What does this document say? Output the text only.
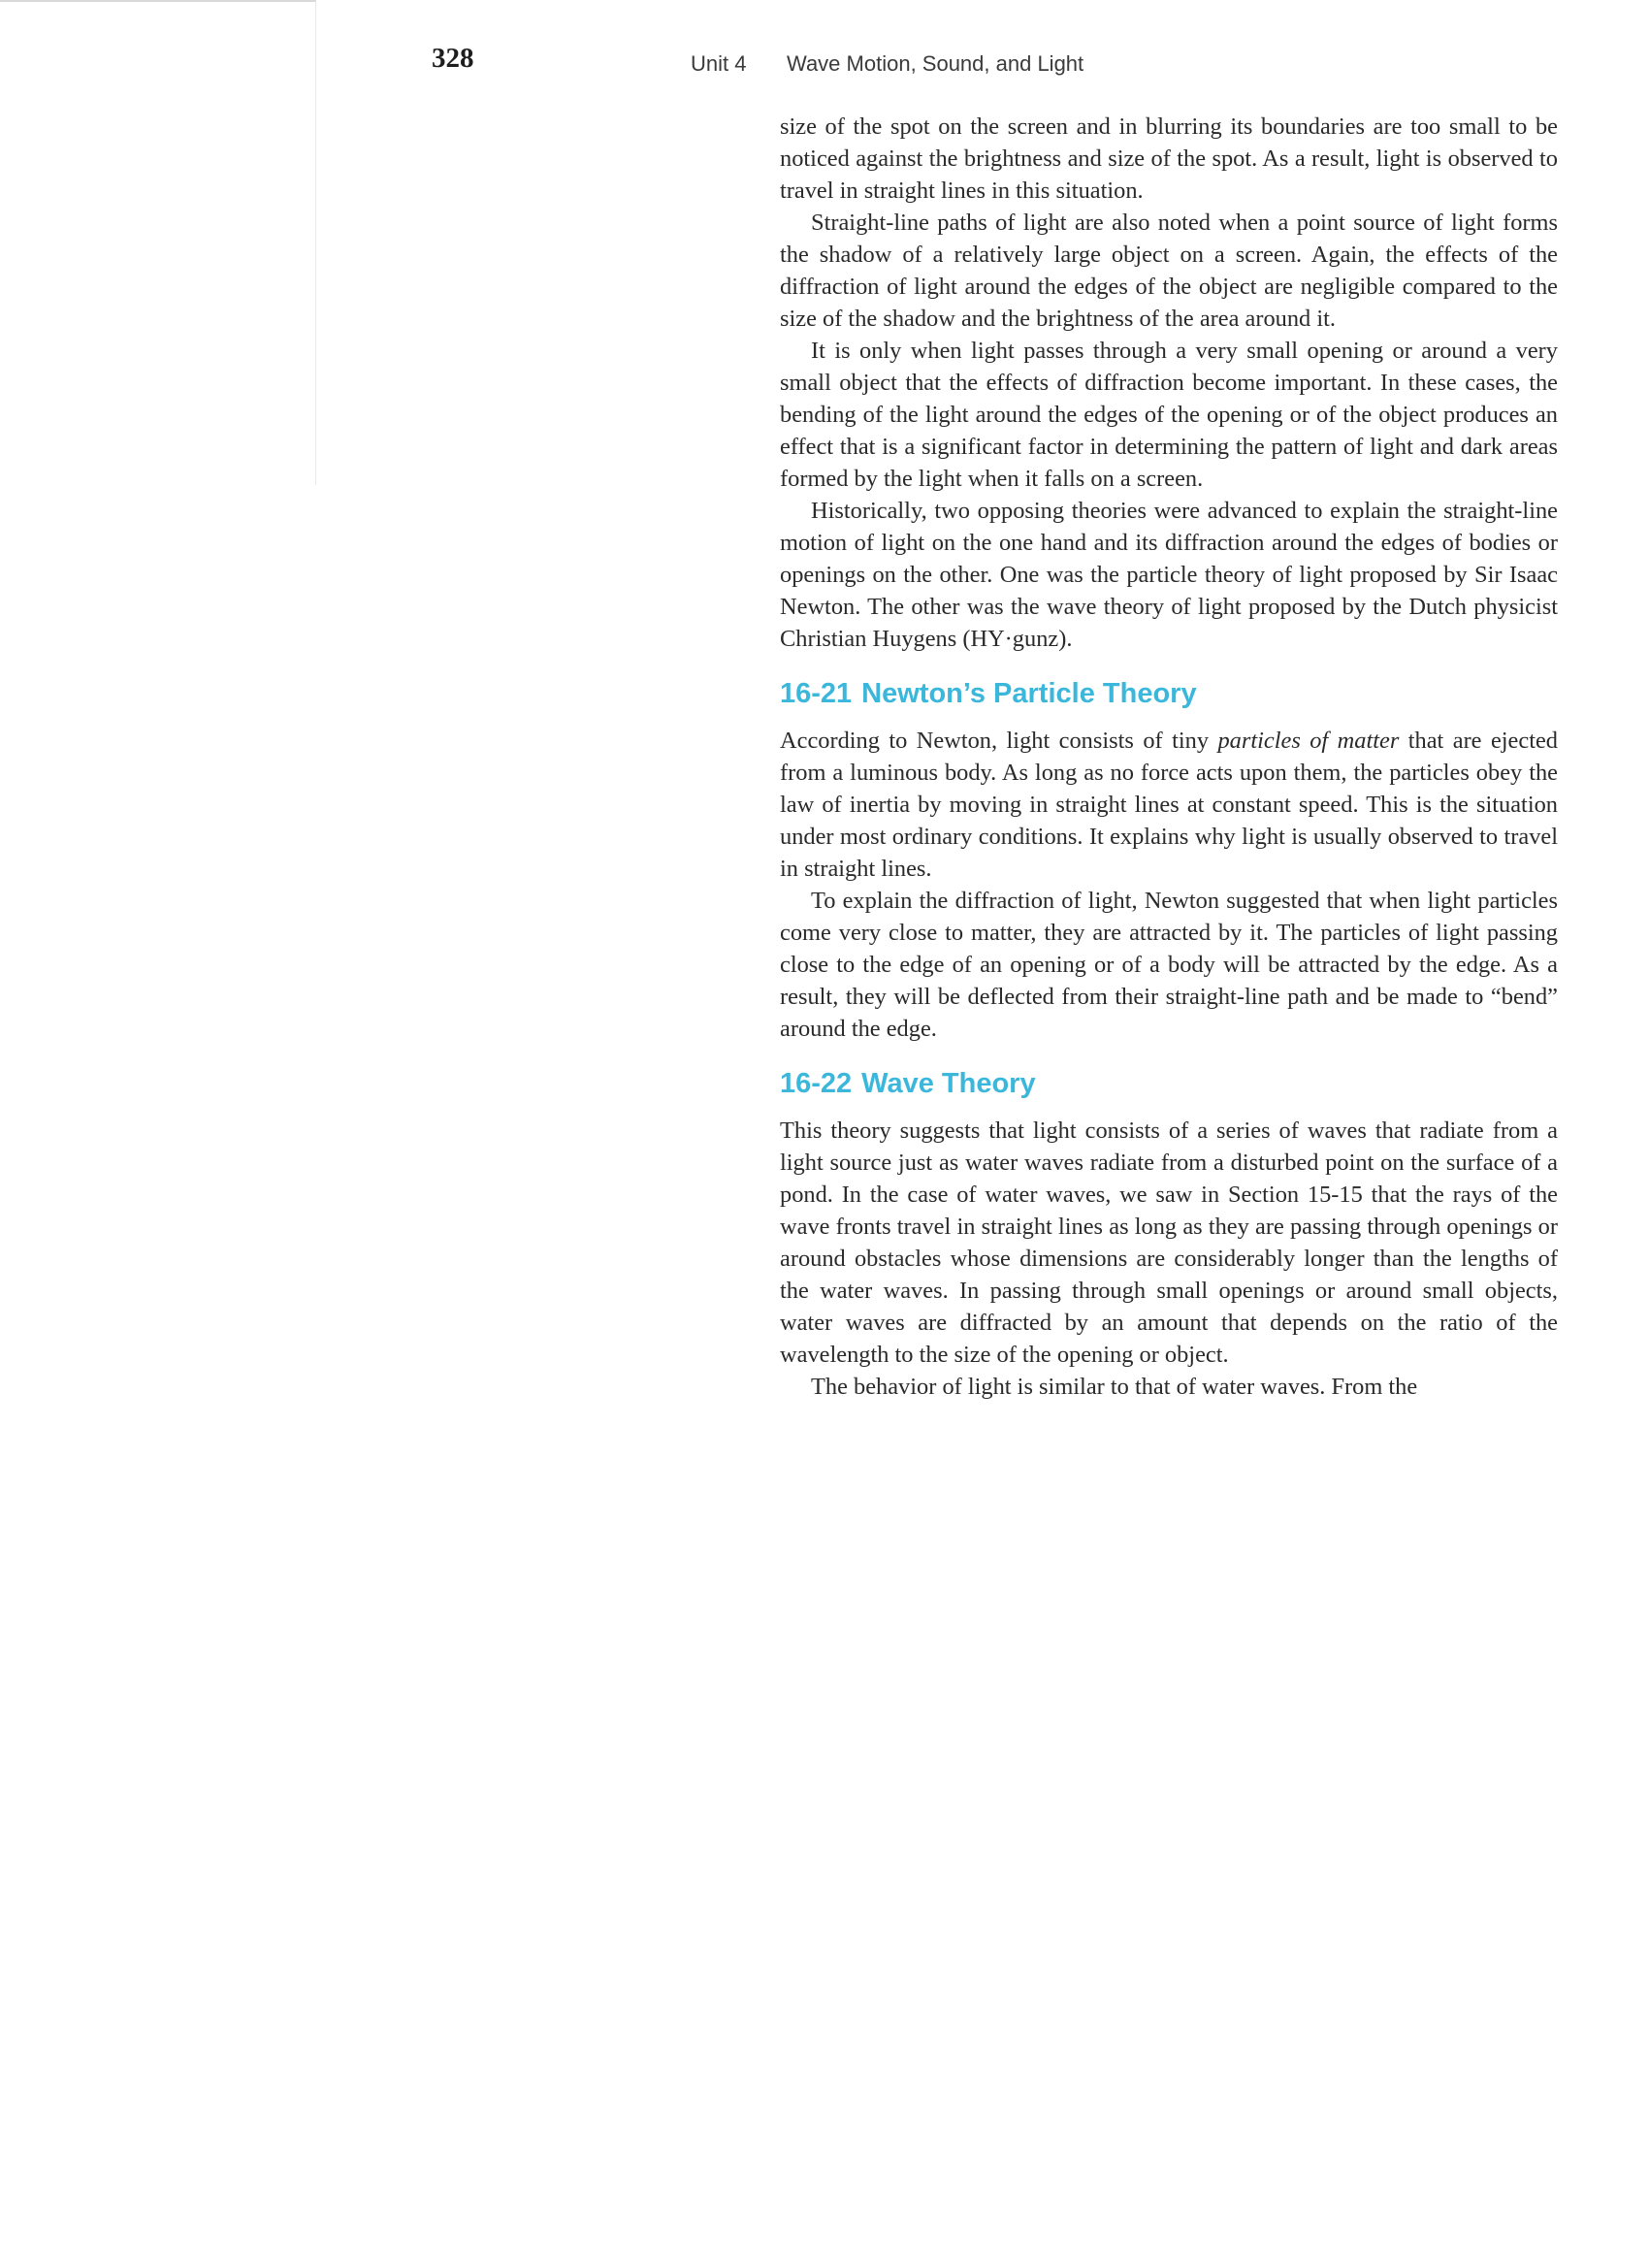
328	Unit 4 Wave Motion, Sound, and Light

size of the spot on the screen and in blurring its boundaries are too small to be noticed against the brightness and size of the spot. As a result, light is observed to travel in straight lines in this situation.

Straight-line paths of light are also noted when a point source of light forms the shadow of a relatively large object on a screen. Again, the effects of the diffraction of light around the edges of the object are negligible compared to the size of the shadow and the brightness of the area around it.

It is only when light passes through a very small opening or around a very small object that the effects of diffraction become important. In these cases, the bending of the light around the edges of the opening or of the object produces an effect that is a significant factor in determining the pattern of light and dark areas formed by the light when it falls on a screen.

Historically, two opposing theories were advanced to explain the straight-line motion of light on the one hand and its diffraction around the edges of bodies or openings on the other. One was the particle theory of light proposed by Sir Isaac Newton. The other was the wave theory of light proposed by the Dutch physicist Christian Huygens (HY·gunz).

16-21 Newton’s Particle Theory

According to Newton, light consists of tiny particles of matter that are ejected from a luminous body. As long as no force acts upon them, the particles obey the law of inertia by moving in straight lines at constant speed. This is the situation under most ordinary conditions. It explains why light is usually observed to travel in straight lines.

To explain the diffraction of light, Newton suggested that when light particles come very close to matter, they are attracted by it. The particles of light passing close to the edge of an opening or of a body will be attracted by the edge. As a result, they will be deflected from their straight-line path and be made to “bend” around the edge.

16-22 Wave Theory

This theory suggests that light consists of a series of waves that radiate from a light source just as water waves radiate from a disturbed point on the surface of a pond. In the case of water waves, we saw in Section 15-15 that the rays of the wave fronts travel in straight lines as long as they are passing through openings or around obstacles whose dimensions are considerably longer than the lengths of the water waves. In passing through small openings or around small objects, water waves are diffracted by an amount that depends on the ratio of the wavelength to the size of the opening or object.

The behavior of light is similar to that of water waves. From the
